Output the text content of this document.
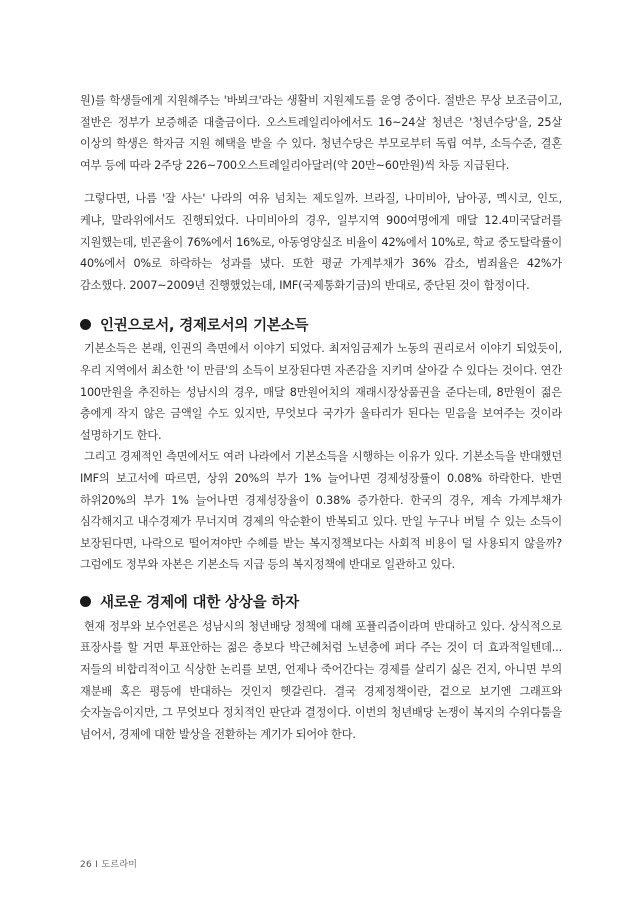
원)를 학생들에게 지원해주는 '바뵈크'라는 생활비 지원제도를 운영 중이다. 절반은 무상 보조금이고, 절반은 정부가 보증해준 대출금이다. 오스트레일리아에서도 16~24살 청년은 '청년수당'을, 25살 이상의 학생은 학자금 지원 혜택을 받을 수 있다. 청년수당은 부모로부터 독립 여부, 소득수준, 결혼 여부 등에 따라 2주당 226~700오스트레일리아달러(약 20만~60만원)씩 차등 지급된다.

그렇다면, 나름 '잘 사는' 나라의 여유 넘치는 제도일까. 브라질, 나미비아, 남아공, 멕시코, 인도, 케냐, 말라위에서도 진행되었다. 나미비아의 경우, 일부지역 900여명에게 매달 12.4미국달러를 지원했는데, 빈곤율이 76%에서 16%로, 아동영양실조 비율이 42%에서 10%로, 학교 중도탈락률이 40%에서 0%로 하락하는 성과를 냈다. 또한 평균 가계부채가 36% 감소, 범죄율은 42%가 감소했다. 2007~2009년 진행했었는데, IMF(국제통화기금)의 반대로, 중단된 것이 함정이다.

인권으로서, 경제로서의 기본소득

기본소득은 본래, 인권의 측면에서 이야기 되었다. 최저임금제가 노동의 권리로서 이야기 되었듯이, 우리 지역에서 최소한 '이 만큼'의 소득이 보장된다면 자존감을 지키며 살아갈 수 있다는 것이다. 연간 100만원을 추진하는 성남시의 경우, 매달 8만원어치의 재래시장상품권을 준다는데, 8만원이 젊은 층에게 작지 않은 금액일 수도 있지만, 무엇보다 국가가 울타리가 된다는 믿음을 보여주는 것이라 설명하기도 한다.

그리고 경제적인 측면에서도 여러 나라에서 기본소득을 시행하는 이유가 있다. 기본소득을 반대했던 IMF의 보고서에 따르면, 상위 20%의 부가 1% 늘어나면 경제성장률이 0.08% 하락한다. 반면 하위20%의 부가 1% 늘어나면 경제성장율이 0.38% 증가한다. 한국의 경우, 계속 가계부채가 심각해지고 내수경제가 무너지며 경제의 악순환이 반복되고 있다. 만일 누구나 버틸 수 있는 소득이 보장된다면, 나락으로 떨어져야만 수혜를 받는 복지정책보다는 사회적 비용이 덜 사용되지 않을까? 그럼에도 정부와 자본은 기본소득 지급 등의 복지정책에 반대로 일관하고 있다.

새로운 경제에 대한 상상을 하자

현재 정부와 보수언론은 성남시의 청년배당 정책에 대해 포퓰리즘이라며 반대하고 있다. 상식적으로 표장사를 할 거면 투표안하는 젊은 층보다 박근혜처럼 노년층에 퍼다 주는 것이 더 효과적일텐데... 저들의 비합리적이고 식상한 논리를 보면, 언제나 죽어간다는 경제를 살리기 싫은 건지, 아니면 부의 재분배 혹은 평등에 반대하는 것인지 헷갈린다. 결국 경제정책이란, 겉으로 보기엔 그래프와 숫자놀음이지만, 그 무엇보다 정치적인 판단과 결정이다. 이번의 청년배당 논쟁이 복지의 수위다툼을 넘어서, 경제에 대한 발상을 전환하는 계기가 되어야 한다.

26 I 도르라미
